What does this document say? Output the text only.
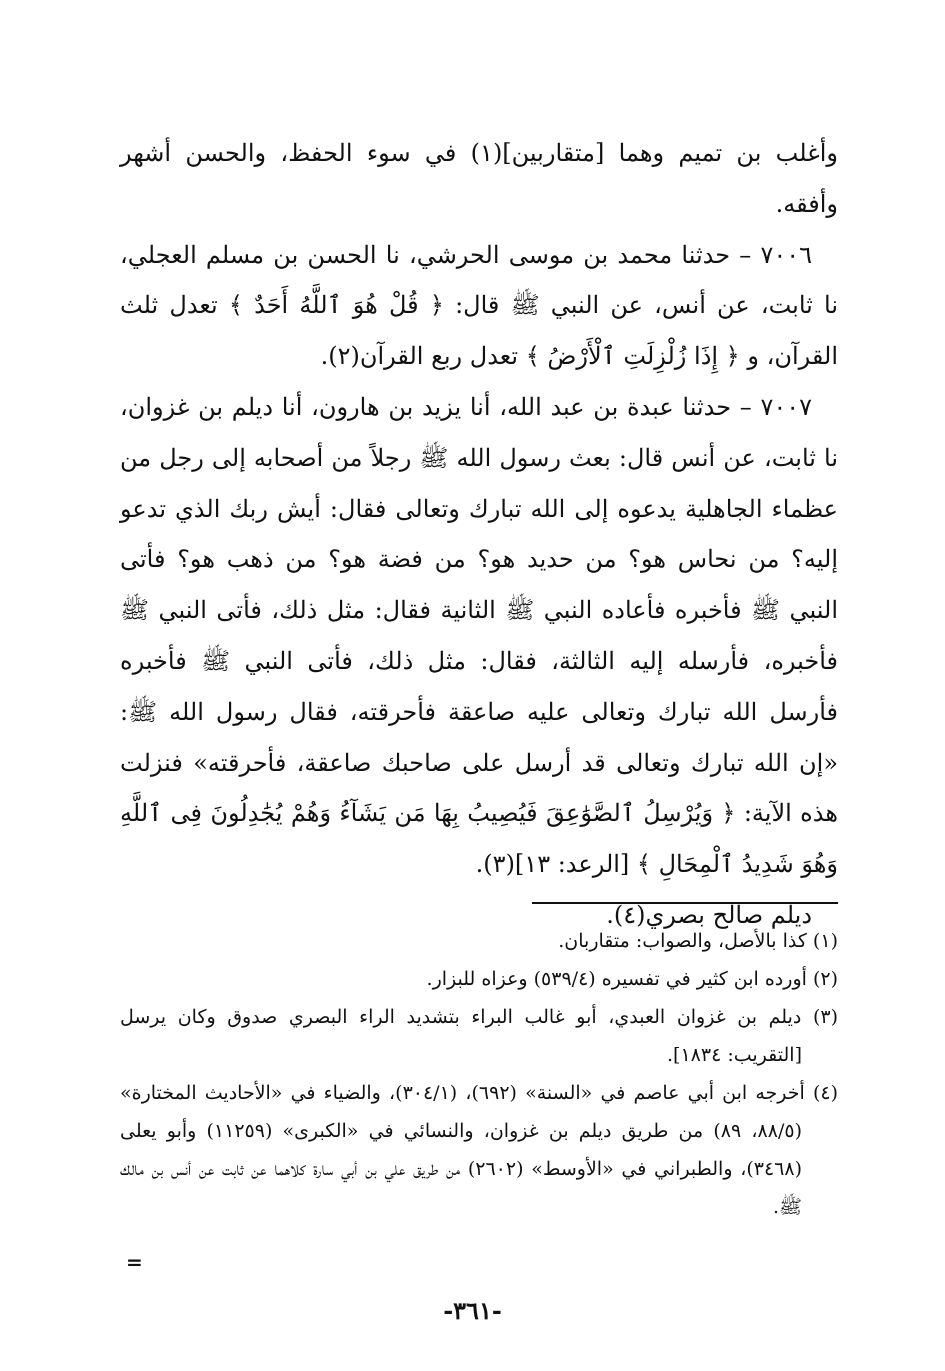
وأغلب بن تميم وهما [متقاربين](١) في سوء الحفظ، والحسن أشهر وأفقه.

٧٠٠٦ – حدثنا محمد بن موسى الحرشي، نا الحسن بن مسلم العجلي، نا ثابت، عن أنس، عن النبي ﷺ قال: ﴿ قُلْ هُوَ ٱللَّهُ أَحَدٌ ﴾ تعدل ثلث القرآن، و ﴿ إِذَا زُلْزِلَتِ ٱلْأَرْضُ ﴾ تعدل ربع القرآن(٢).

٧٠٠٧ – حدثنا عبدة بن عبد الله، أنا يزيد بن هارون، أنا ديلم بن غزوان، نا ثابت، عن أنس قال: بعث رسول الله ﷺ رجلاً من أصحابه إلى رجل من عظماء الجاهلية يدعوه إلى الله تبارك وتعالى فقال: أيش ربك الذي تدعو إليه؟ من نحاس هو؟ من حديد هو؟ من فضة هو؟ من ذهب هو؟ فأتى النبي ﷺ فأخبره فأعاده النبي ﷺ الثانية فقال: مثل ذلك، فأتى النبي ﷺ فأخبره، فأرسله إليه الثالثة، فقال: مثل ذلك، فأتى النبي ﷺ فأخبره فأرسل الله تبارك وتعالى عليه صاعقة فأحرقته، فقال رسول الله ﷺ: «إن الله تبارك وتعالى قد أرسل على صاحبك صاعقة، فأحرقته» فنزلت هذه الآية: ﴿ وَيُرْسِلُ ٱلصَّوَٰعِقَ فَيُصِيبُ بِهَا مَن يَشَآءُ وَهُمْ يُجَٰدِلُونَ فِى ٱللَّهِ وَهُوَ شَدِيدُ ٱلْمِحَالِ ﴾ [الرعد: ١٣](٣).

ديلم صالح بصري(٤).

(١) كذا بالأصل، والصواب: متقاربان.

(٢) أورده ابن كثير في تفسيره (٥٣٩/٤) وعزاه للبزار.

(٣) ديلم بن غزوان العبدي، أبو غالب البراء بتشديد الراء البصري صدوق وكان يرسل [التقريب: ١٨٣٤].

(٤) أخرجه ابن أبي عاصم في «السنة» (٦٩٢)، (٣٠٤/١)، والضياء في «الأحاديث المختارة» (٨٨/٥، ٨٩) من طريق ديلم بن غزوان، والنسائي في «الكبرى» (١١٢٥٩) وأبو يعلى (٣٤٦٨)، والطبراني في «الأوسط» (٢٦٠٢) من طريق علي بن أبي سارة كلاهما عن ثابت عن أنس بن مالك ﷺ.

=
-٣٦١-
